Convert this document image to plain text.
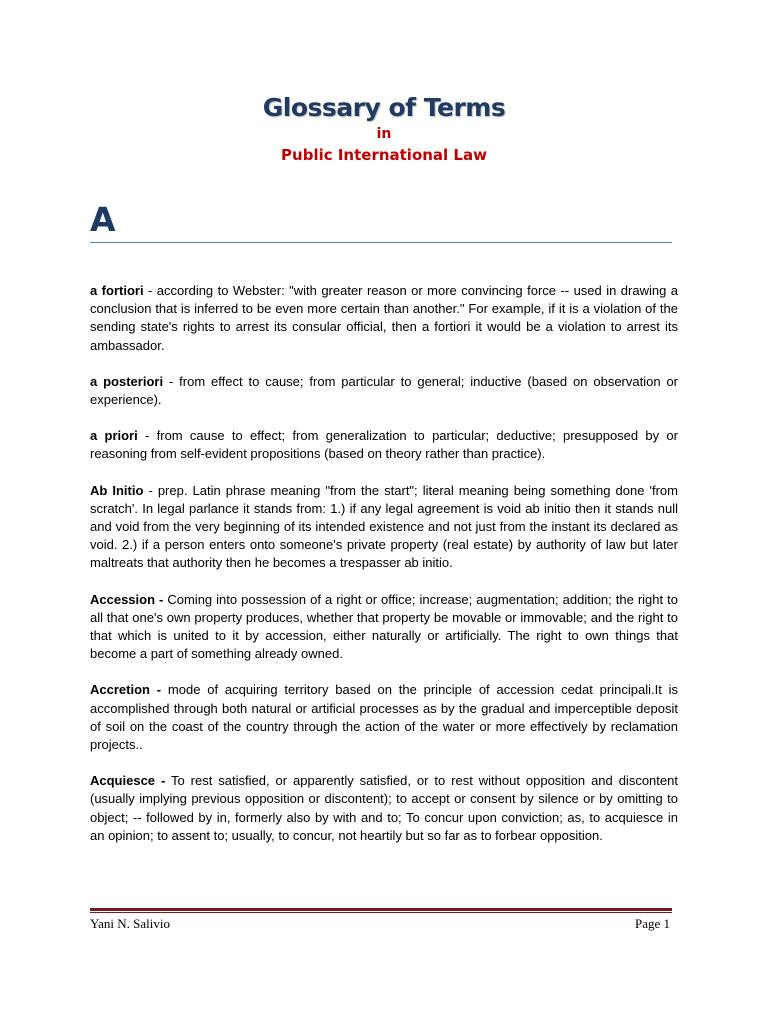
Glossary of Terms
in
Public International Law
A

a fortiori - according to Webster: "with greater reason or more convincing force -- used in drawing a conclusion that is inferred to be even more certain than another." For example, if it is a violation of the sending state's rights to arrest its consular official, then a fortiori it would be a violation to arrest its ambassador.

a posteriori - from effect to cause; from particular to general; inductive (based on observation or experience).

a priori - from cause to effect; from generalization to particular; deductive; presupposed by or reasoning from self-evident propositions (based on theory rather than practice).

Ab Initio - prep. Latin phrase meaning "from the start"; literal meaning being something done 'from scratch'. In legal parlance it stands from: 1.) if any legal agreement is void ab initio then it stands null and void from the very beginning of its intended existence and not just from the instant its declared as void. 2.) if a person enters onto someone's private property (real estate) by authority of law but later maltreats that authority then he becomes a trespasser ab initio.

Accession - Coming into possession of a right or office; increase; augmentation; addition; the right to all that one's own property produces, whether that property be movable or immovable; and the right to that which is united to it by accession, either naturally or artificially. The right to own things that become a part of something already owned.

Accretion - mode of acquiring territory based on the principle of accession cedat principali.It is accomplished through both natural or artificial processes as by the gradual and imperceptible deposit of soil on the coast of the country through the action of the water or more effectively by reclamation projects..

Acquiesce - To rest satisfied, or apparently satisfied, or to rest without opposition and discontent (usually implying previous opposition or discontent); to accept or consent by silence or by omitting to object; -- followed by in, formerly also by with and to; To concur upon conviction; as, to acquiesce in an opinion; to assent to; usually, to concur, not heartily but so far as to forbear opposition.

Yani N. Salivio	Page 1
